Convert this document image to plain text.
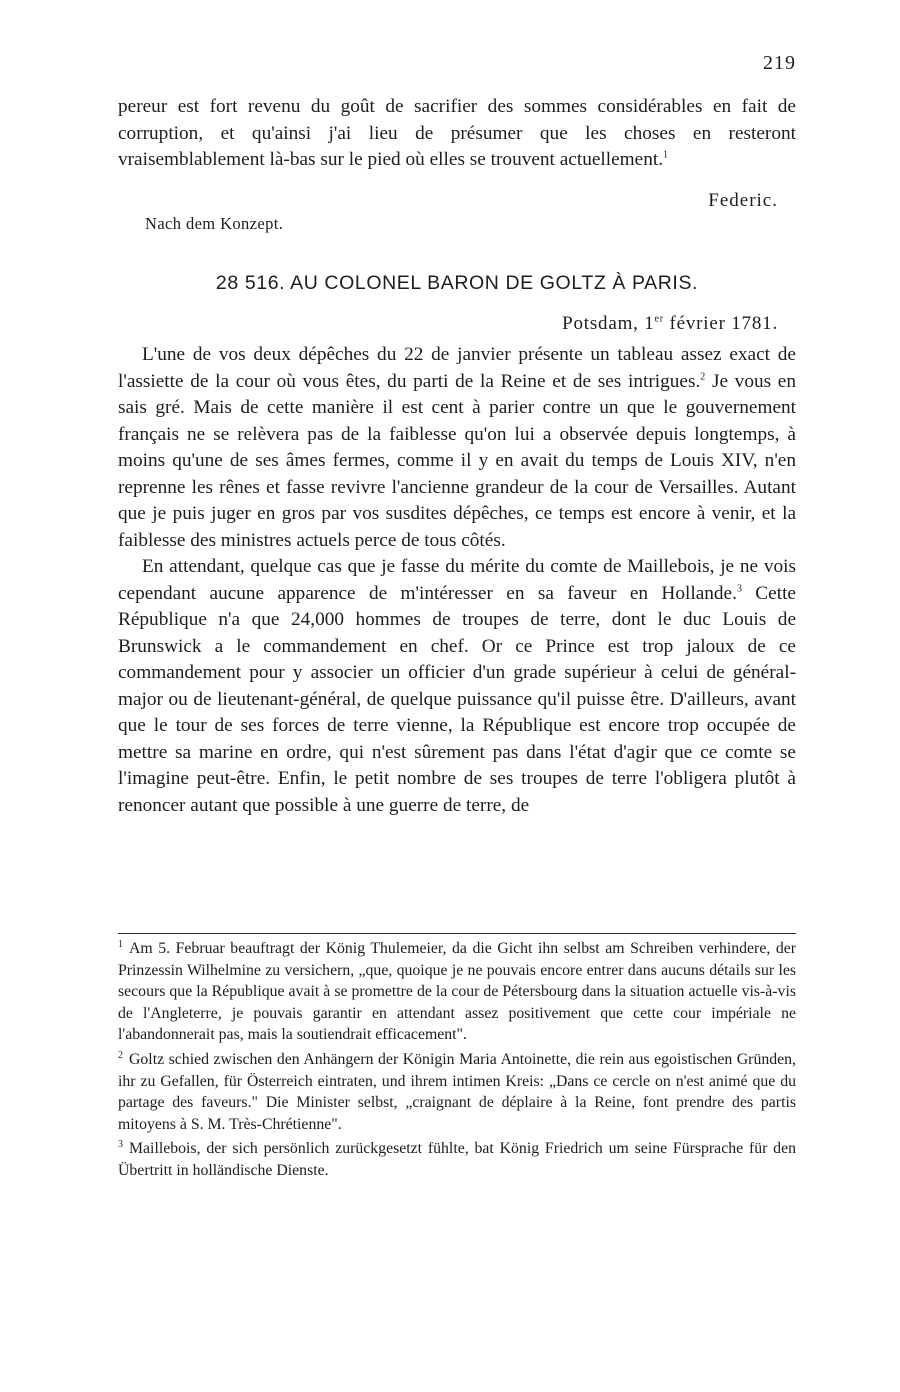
219

pereur est fort revenu du goût de sacrifier des sommes considérables en fait de corruption, et qu'ainsi j'ai lieu de présumer que les choses en resteront vraisemblablement là-bas sur le pied où elles se trouvent actuellement.$^1$

Federic.
Nach dem Konzept.
28 516. AU COLONEL BARON DE GOLTZ À PARIS.
Potsdam, 1er février 1781.

L'une de vos deux dépêches du 22 de janvier présente un tableau assez exact de l'assiette de la cour où vous êtes, du parti de la Reine et de ses intrigues.$^2$ Je vous en sais gré. Mais de cette manière il est cent à parier contre un que le gouvernement français ne se relèvera pas de la faiblesse qu'on lui a observée depuis longtemps, à moins qu'une de ses âmes fermes, comme il y en avait du temps de Louis XIV, n'en reprenne les rênes et fasse revivre l'ancienne grandeur de la cour de Versailles. Autant que je puis juger en gros par vos susdites dépêches, ce temps est encore à venir, et la faiblesse des ministres actuels perce de tous côtés.

En attendant, quelque cas que je fasse du mérite du comte de Maillebois, je ne vois cependant aucune apparence de m'intéresser en sa faveur en Hollande.$^3$ Cette République n'a que 24,000 hommes de troupes de terre, dont le duc Louis de Brunswick a le commandement en chef. Or ce Prince est trop jaloux de ce commandement pour y associer un officier d'un grade supérieur à celui de général-major ou de lieutenant-général, de quelque puissance qu'il puisse être. D'ailleurs, avant que le tour de ses forces de terre vienne, la République est encore trop occupée de mettre sa marine en ordre, qui n'est sûrement pas dans l'état d'agir que ce comte se l'imagine peut-être. Enfin, le petit nombre de ses troupes de terre l'obligera plutôt à renoncer autant que possible à une guerre de terre, de

$^1$ Am 5. Februar beauftragt der König Thulemeier, da die Gicht ihn selbst am Schreiben verhindere, der Prinzessin Wilhelmine zu versichern, „que, quoique je ne pouvais encore entrer dans aucuns détails sur les secours que la République avait à se promettre de la cour de Pétersbourg dans la situation actuelle vis-à-vis de l'Angleterre, je pouvais garantir en attendant assez positivement que cette cour impériale ne l'abandonnerait pas, mais la soutiendrait efficacement".

$^2$ Goltz schied zwischen den Anhängern der Königin Maria Antoinette, die rein aus egoistischen Gründen, ihr zu Gefallen, für Österreich eintraten, und ihrem intimen Kreis: „Dans ce cercle on n'est animé que du partage des faveurs." Die Minister selbst, „craignant de déplaire à la Reine, font prendre des partis mitoyens à S. M. Très-Chrétienne".

$^3$ Maillebois, der sich persönlich zurückgesetzt fühlte, bat König Friedrich um seine Fürsprache für den Übertritt in holländische Dienste.
